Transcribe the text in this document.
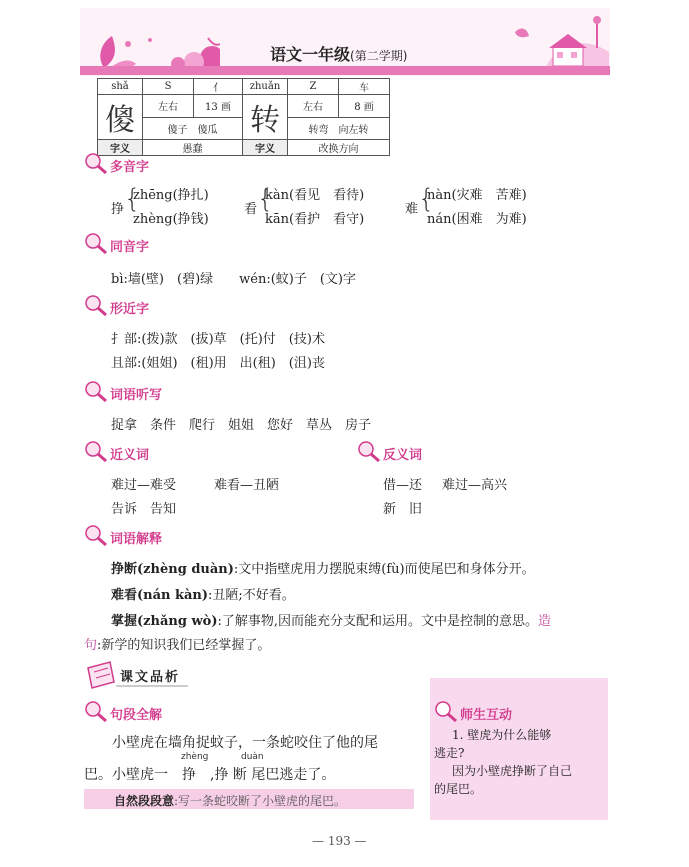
语文一年级(第二学期)
shǎ	S	亻	zhuǎn	Z	车
傻	左右	13 画	转	左右	8 画
	傻子　傻瓜			转弯　向左转	
字义	愚蠢		字义	改换方向	
多音字
挣 {
zhēng(挣扎)
zhèng(挣钱)
看 {
kàn(看见　看待)
kān(看护　看守)
难 {
nàn(灾难　苦难)
nán(困难　为难)
同音字
bì:墙(壁)　(碧)绿　　wén:(蚊)子　(文)字
形近字
扌部:(拨)款　(拔)草　(托)付　(技)术
且部:(姐姐)　(租)用　出(租)　(沮)丧
词语听写
捉拿　条件　爬行　姐姐　您好　草丛　房子
近义词
难过—难受	难看—丑陋
告诉　告知
反义词
借—还 难过—高兴
新　旧
词语解释
挣断(zhèng duàn):文中指壁虎用力摆脱束缚(fù)而使尾巴和身体分开。
难看(nán kàn):丑陋;不好看。
掌握(zhǎng wò):了解事物,因而能充分支配和运用。文中是控制的意思。造
句:新学的知识我们已经掌握了。
课文品析
句段全解
小壁虎在墙角捉蚊子，一条蛇咬住了他的尾
zhèng	duàn
巴。小壁虎一　挣　,挣 断 尾巴逃走了。
自然段段意:写一条蛇咬断了小壁虎的尾巴。
师生互动
1. 壁虎为什么能够
逃走?
因为小壁虎挣断了自己
的尾巴。
— 193 —
